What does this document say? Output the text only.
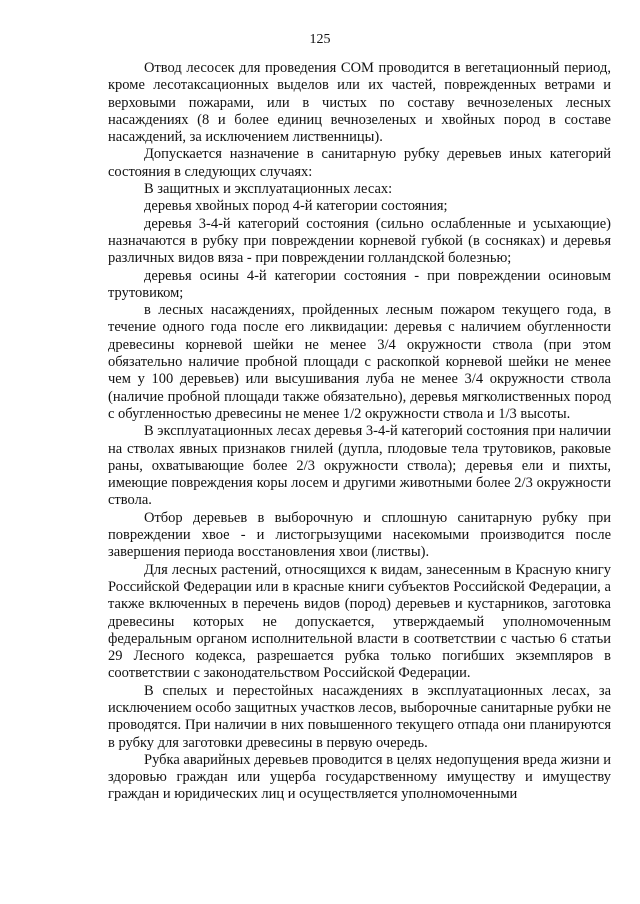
125

Отвод лесосек для проведения СОМ проводится в вегетационный период, кроме лесотаксационных выделов или их частей, поврежденных ветрами и верховыми пожарами, или в чистых по составу вечнозеленых лесных насаждениях (8 и более единиц вечнозеленых и хвойных пород в составе насаждений, за исключением лиственницы).

Допускается назначение в санитарную рубку деревьев иных категорий состояния в следующих случаях:

В защитных и эксплуатационных лесах:

деревья хвойных пород 4-й категории состояния;

деревья 3-4-й категорий состояния (сильно ослабленные и усыхающие) назначаются в рубку при повреждении корневой губкой (в сосняках) и деревья различных видов вяза - при повреждении голландской болезнью;

деревья осины 4-й категории состояния - при повреждении осиновым трутовиком;

в лесных насаждениях, пройденных лесным пожаром текущего года, в течение одного года после его ликвидации: деревья с наличием обугленности древесины корневой шейки не менее 3/4 окружности ствола (при этом обязательно наличие пробной площади с раскопкой корневой шейки не менее чем у 100 деревьев) или высушивания луба не менее 3/4 окружности ствола (наличие пробной площади также обязательно), деревья мягколиственных пород с обугленностью древесины не менее 1/2 окружности ствола и 1/3 высоты.

В эксплуатационных лесах деревья 3-4-й категорий состояния при наличии на стволах явных признаков гнилей (дупла, плодовые тела трутовиков, раковые раны, охватывающие более 2/3 окружности ствола); деревья ели и пихты, имеющие повреждения коры лосем и другими животными более 2/3 окружности ствола.

Отбор деревьев в выборочную и сплошную санитарную рубку при повреждении хвое - и листогрызущими насекомыми производится после завершения периода восстановления хвои (листвы).

Для лесных растений, относящихся к видам, занесенным в Красную книгу Российской Федерации или в красные книги субъектов Российской Федерации, а также включенных в перечень видов (пород) деревьев и кустарников, заготовка древесины которых не допускается, утверждаемый уполномоченным федеральным органом исполнительной власти в соответствии с частью 6 статьи 29 Лесного кодекса, разрешается рубка только погибших экземпляров в соответствии с законодательством Российской Федерации.

В спелых и перестойных насаждениях в эксплуатационных лесах, за исключением особо защитных участков лесов, выборочные санитарные рубки не проводятся. При наличии в них повышенного текущего отпада они планируются в рубку для заготовки древесины в первую очередь.

Рубка аварийных деревьев проводится в целях недопущения вреда жизни и здоровью граждан или ущерба государственному имуществу и имуществу граждан и юридических лиц и осуществляется уполномоченными
